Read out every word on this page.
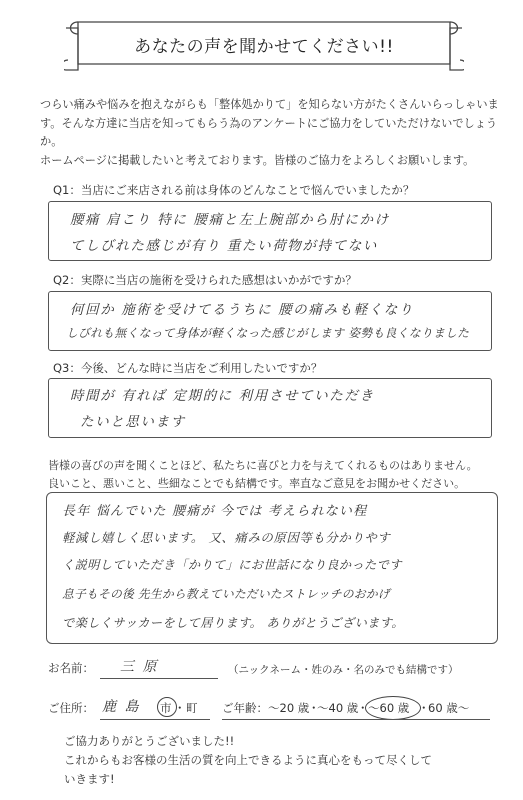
あなたの声を聞かせてください!!

つらい痛みや悩みを抱えながらも「整体処かりて」を知らない方がたくさんいらっしゃいま

す。そんな方達に当店を知ってもらう為のアンケートにご協力をしていただけないでしょう

か。

ホームページに掲載したいと考えております。皆様のご協力をよろしくお願いします。

Q1：当店にご来店される前は身体のどんなことで悩んでいましたか？
腰痛 肩こり 特に 腰痛と左上腕部から肘にかけ
てしびれた感じが有り 重たい荷物が持てない
Q2：実際に当店の施術を受けられた感想はいかがですか？
何回か 施術を受けてるうちに 腰の痛みも軽くなり
しびれも無くなって身体が軽くなった感じがします 姿勢も良くなりました
Q3：今後、どんな時に当店をご利用したいですか？
時間が 有れば 定期的に 利用させていただき
たいと思います

皆様の喜びの声を聞くことほど、私たちに喜びと力を与えてくれるものはありません。

良いこと、悪いこと、些細なことでも結構です。率直なご意見をお聞かせください。

長年 悩んでいた 腰痛が 今では 考えられない程
軽減し嬉しく思います。 又、痛みの原因等も分かりやす
く説明していただき「かりて」にお世話になり良かったです
息子もその後 先生から教えていただいたストレッチのおかげ
で楽しくサッカーをして居ります。 ありがとうございます。
お名前： 三 原	（ニックネーム・姓のみ・名のみでも結構です）
ご住所： 鹿 島 市 ・ 町 ご年齢： 〜20 歳
・
〜40 歳
・ 〜60 歳 ・
60 歳〜

ご協力ありがとうございました!!

これからもお客様の生活の質を向上できるように真心をもって尽くして

いきます!
